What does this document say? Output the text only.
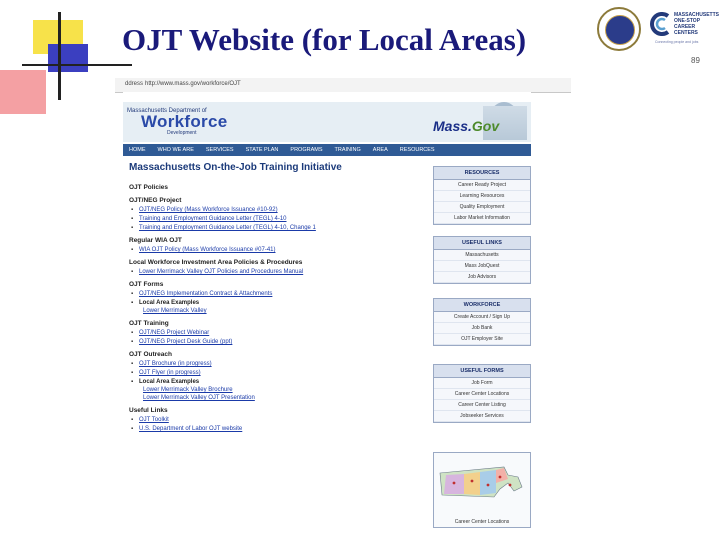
OJT Website (for Local Areas)
MASSACHUSETTS ONE-STOP CAREER CENTERS
Connecting people and jobs
89
ddress http://www.mass.gov/workforce/OJT
Massachusetts Department of
Workforce
Development	Mass.Gov
HOME	WHO WE ARE	SERVICES	STATE PLAN	PROGRAMS	TRAINING	AREA	RESOURCES
Massachusetts On-the-Job Training Initiative
OJT Policies
OJT/NEG Project
▪ OJT/NEG Policy (Mass Workforce Issuance #10-92)
▪ Training and Employment Guidance Letter (TEGL) 4-10
▪ Training and Employment Guidance Letter (TEGL) 4-10, Change 1
Regular WIA OJT
▪ WIA OJT Policy (Mass Workforce Issuance #07-41)
Local Workforce Investment Area Policies & Procedures
▪ Lower Merrimack Valley OJT Policies and Procedures Manual
OJT Forms
▪ OJT/NEG Implementation Contract & Attachments
▪ Local Area Examples
Lower Merrimack Valley
OJT Training
▪ OJT/NEG Project Webinar
▪ OJT/NEG Project Desk Guide (ppt)
OJT Outreach
▪ OJT Brochure (in progress)
▪ OJT Flyer (in progress)
▪ Local Area Examples
Lower Merrimack Valley Brochure
Lower Merrimack Valley OJT Presentation
Useful Links
▪ OJT Toolkit
▪ U.S. Department of Labor OJT website
RESOURCES
Career Ready Project
Learning Resources
Quality Employment
Labor Market Information
USEFUL LINKS
Massachusetts
Mass JobQuest
Job Advisors
WORKFORCE
Create Account / Sign Up
Job Bank
OJT Employer Site
USEFUL FORMS
Job Form
Career Center Locations
Career Center Listing
Jobseeker Services
Career Center Locations
